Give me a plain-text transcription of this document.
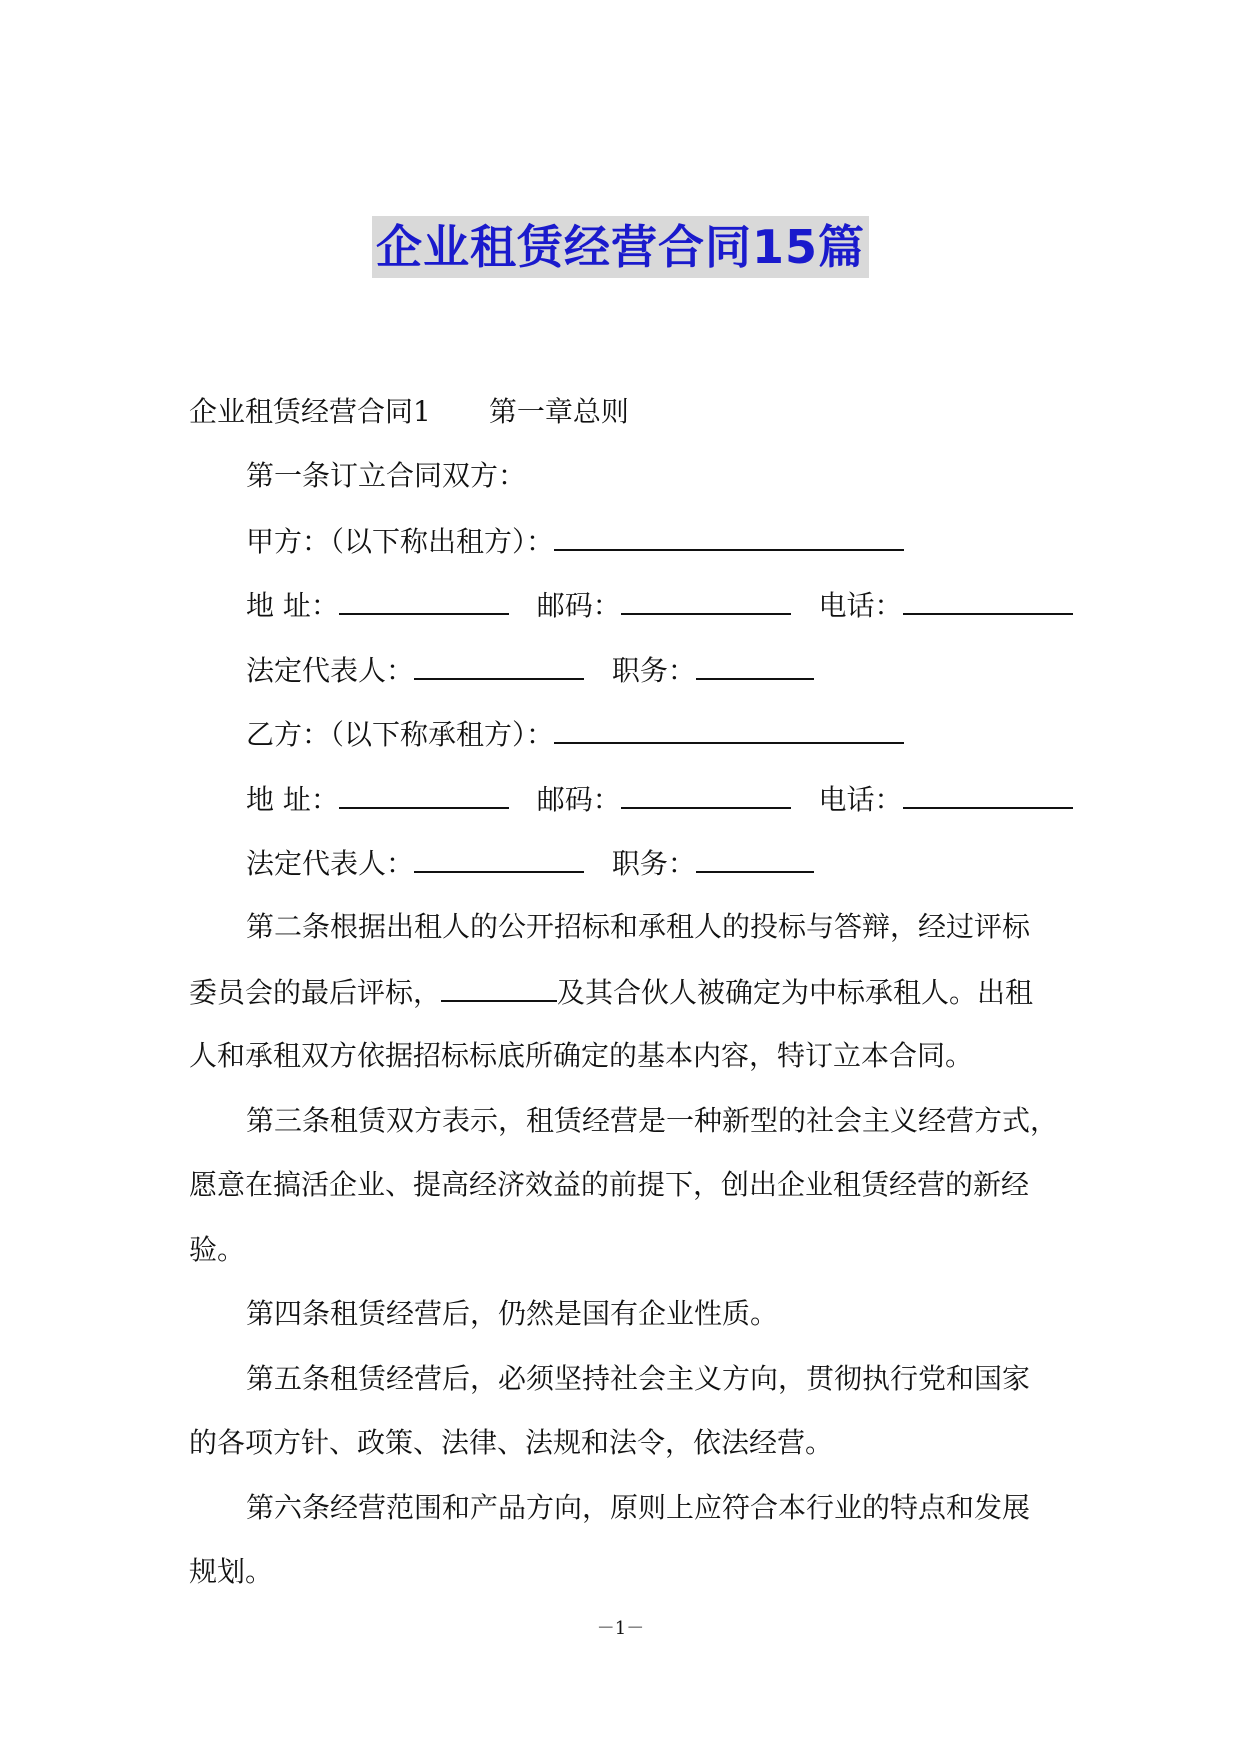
企业租赁经营合同15篇
企业租赁经营合同1 第一章总则
第一条订立合同双方：
甲方：（以下称出租方）：
地 址：	邮码：	电话：
法定代表人：	职务：
乙方：（以下称承租方）：
地 址：	邮码：	电话：
法定代表人：	职务：
第二条根据出租人的公开招标和承租人的投标与答辩，经过评标
委员会的最后评标，	及其合伙人被确定为中标承租人。出租
人和承租双方依据招标标底所确定的基本内容，特订立本合同。
第三条租赁双方表示，租赁经营是一种新型的社会主义经营方式，
愿意在搞活企业、提高经济效益的前提下，创出企业租赁经营的新经
验。
第四条租赁经营后，仍然是国有企业性质。
第五条租赁经营后，必须坚持社会主义方向，贯彻执行党和国家
的各项方针、政策、法律、法规和法令，依法经营。
第六条经营范围和产品方向，原则上应符合本行业的特点和发展
规划。
－1－
